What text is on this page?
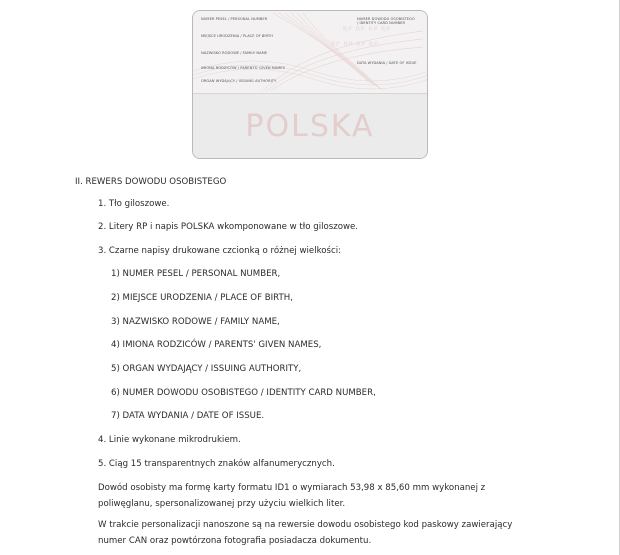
NUMER PESEL / PERSONAL NUMBER	NUMER DOWODU OSOBISTEGO / IDENTITY CARD NUMBER
MIEJSCE URODZENIA / PLACE OF BIRTH
NAZWISKO RODOWE / FAMILY NAME
IMIONA RODZICÓW / PARENTS' GIVEN NAMES
DATA WYDANIA / DATE OF ISSUE
ORGAN WYDAJĄCY / ISSUING AUTHORITY
RP RP RP RP
RP RP RP RP
POLSKA
II. REWERS DOWODU OSOBISTEGO
1. Tło giloszowe.
2. Litery RP i napis POLSKA wkomponowane w tło giloszowe.
3. Czarne napisy drukowane czcionką o różnej wielkości:
1) NUMER PESEL / PERSONAL NUMBER,
2) MIEJSCE URODZENIA / PLACE OF BIRTH,
3) NAZWISKO RODOWE / FAMILY NAME,
4) IMIONA RODZICÓW / PARENTS' GIVEN NAMES,
5) ORGAN WYDAJĄCY / ISSUING AUTHORITY,
6) NUMER DOWODU OSOBISTEGO / IDENTITY CARD NUMBER,
7) DATA WYDANIA / DATE OF ISSUE.
4. Linie wykonane mikrodrukiem.
5. Ciąg 15 transparentnych znaków alfanumerycznych.
Dowód osobisty ma formę karty formatu ID1 o wymiarach 53,98 x 85,60 mm wykonanej z poliwęglanu, spersonalizowanej przy użyciu wielkich liter.
W trakcie personalizacji nanoszone są na rewersie dowodu osobistego kod paskowy zawierający numer CAN oraz powtórzona fotografia posiadacza dokumentu.
